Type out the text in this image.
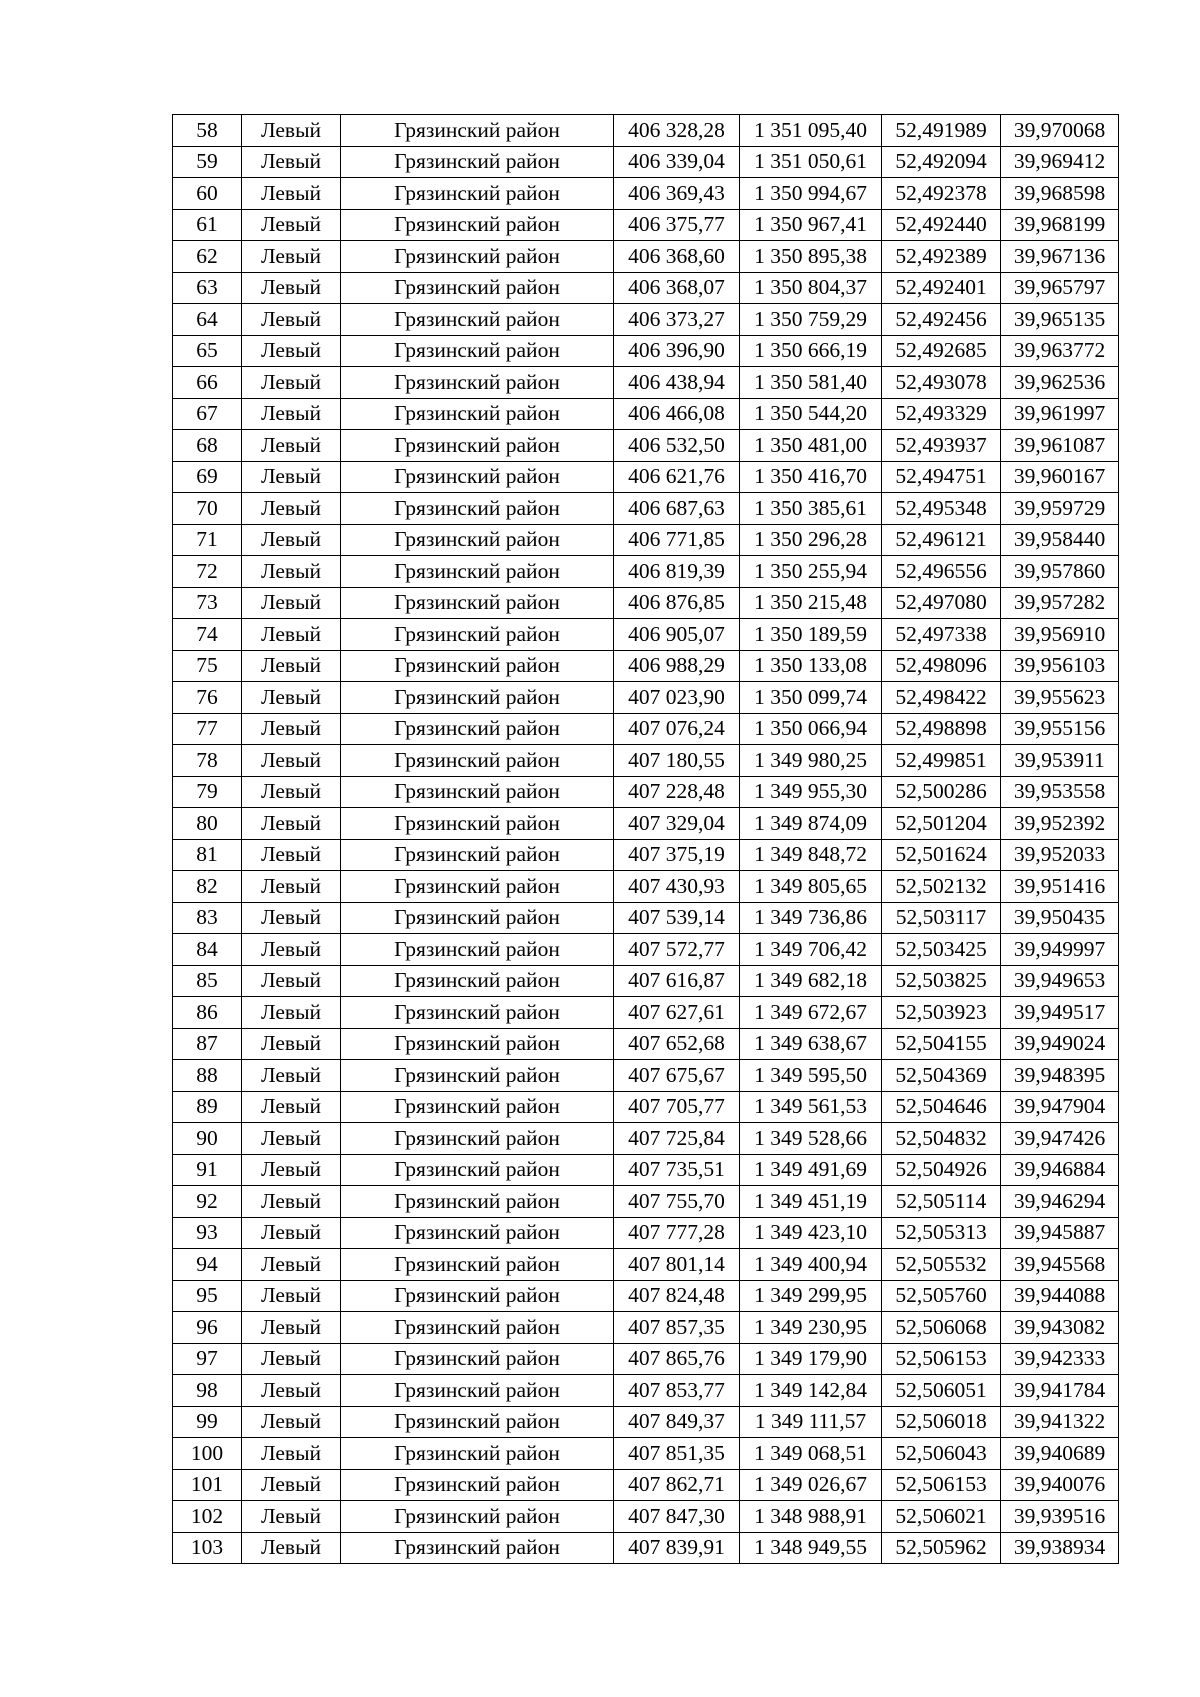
58	Левый	Грязинский район	406 328,28	1 351 095,40	52,491989	39,970068
59	Левый	Грязинский район	406 339,04	1 351 050,61	52,492094	39,969412
60	Левый	Грязинский район	406 369,43	1 350 994,67	52,492378	39,968598
61	Левый	Грязинский район	406 375,77	1 350 967,41	52,492440	39,968199
62	Левый	Грязинский район	406 368,60	1 350 895,38	52,492389	39,967136
63	Левый	Грязинский район	406 368,07	1 350 804,37	52,492401	39,965797
64	Левый	Грязинский район	406 373,27	1 350 759,29	52,492456	39,965135
65	Левый	Грязинский район	406 396,90	1 350 666,19	52,492685	39,963772
66	Левый	Грязинский район	406 438,94	1 350 581,40	52,493078	39,962536
67	Левый	Грязинский район	406 466,08	1 350 544,20	52,493329	39,961997
68	Левый	Грязинский район	406 532,50	1 350 481,00	52,493937	39,961087
69	Левый	Грязинский район	406 621,76	1 350 416,70	52,494751	39,960167
70	Левый	Грязинский район	406 687,63	1 350 385,61	52,495348	39,959729
71	Левый	Грязинский район	406 771,85	1 350 296,28	52,496121	39,958440
72	Левый	Грязинский район	406 819,39	1 350 255,94	52,496556	39,957860
73	Левый	Грязинский район	406 876,85	1 350 215,48	52,497080	39,957282
74	Левый	Грязинский район	406 905,07	1 350 189,59	52,497338	39,956910
75	Левый	Грязинский район	406 988,29	1 350 133,08	52,498096	39,956103
76	Левый	Грязинский район	407 023,90	1 350 099,74	52,498422	39,955623
77	Левый	Грязинский район	407 076,24	1 350 066,94	52,498898	39,955156
78	Левый	Грязинский район	407 180,55	1 349 980,25	52,499851	39,953911
79	Левый	Грязинский район	407 228,48	1 349 955,30	52,500286	39,953558
80	Левый	Грязинский район	407 329,04	1 349 874,09	52,501204	39,952392
81	Левый	Грязинский район	407 375,19	1 349 848,72	52,501624	39,952033
82	Левый	Грязинский район	407 430,93	1 349 805,65	52,502132	39,951416
83	Левый	Грязинский район	407 539,14	1 349 736,86	52,503117	39,950435
84	Левый	Грязинский район	407 572,77	1 349 706,42	52,503425	39,949997
85	Левый	Грязинский район	407 616,87	1 349 682,18	52,503825	39,949653
86	Левый	Грязинский район	407 627,61	1 349 672,67	52,503923	39,949517
87	Левый	Грязинский район	407 652,68	1 349 638,67	52,504155	39,949024
88	Левый	Грязинский район	407 675,67	1 349 595,50	52,504369	39,948395
89	Левый	Грязинский район	407 705,77	1 349 561,53	52,504646	39,947904
90	Левый	Грязинский район	407 725,84	1 349 528,66	52,504832	39,947426
91	Левый	Грязинский район	407 735,51	1 349 491,69	52,504926	39,946884
92	Левый	Грязинский район	407 755,70	1 349 451,19	52,505114	39,946294
93	Левый	Грязинский район	407 777,28	1 349 423,10	52,505313	39,945887
94	Левый	Грязинский район	407 801,14	1 349 400,94	52,505532	39,945568
95	Левый	Грязинский район	407 824,48	1 349 299,95	52,505760	39,944088
96	Левый	Грязинский район	407 857,35	1 349 230,95	52,506068	39,943082
97	Левый	Грязинский район	407 865,76	1 349 179,90	52,506153	39,942333
98	Левый	Грязинский район	407 853,77	1 349 142,84	52,506051	39,941784
99	Левый	Грязинский район	407 849,37	1 349 111,57	52,506018	39,941322
100	Левый	Грязинский район	407 851,35	1 349 068,51	52,506043	39,940689
101	Левый	Грязинский район	407 862,71	1 349 026,67	52,506153	39,940076
102	Левый	Грязинский район	407 847,30	1 348 988,91	52,506021	39,939516
103	Левый	Грязинский район	407 839,91	1 348 949,55	52,505962	39,938934
